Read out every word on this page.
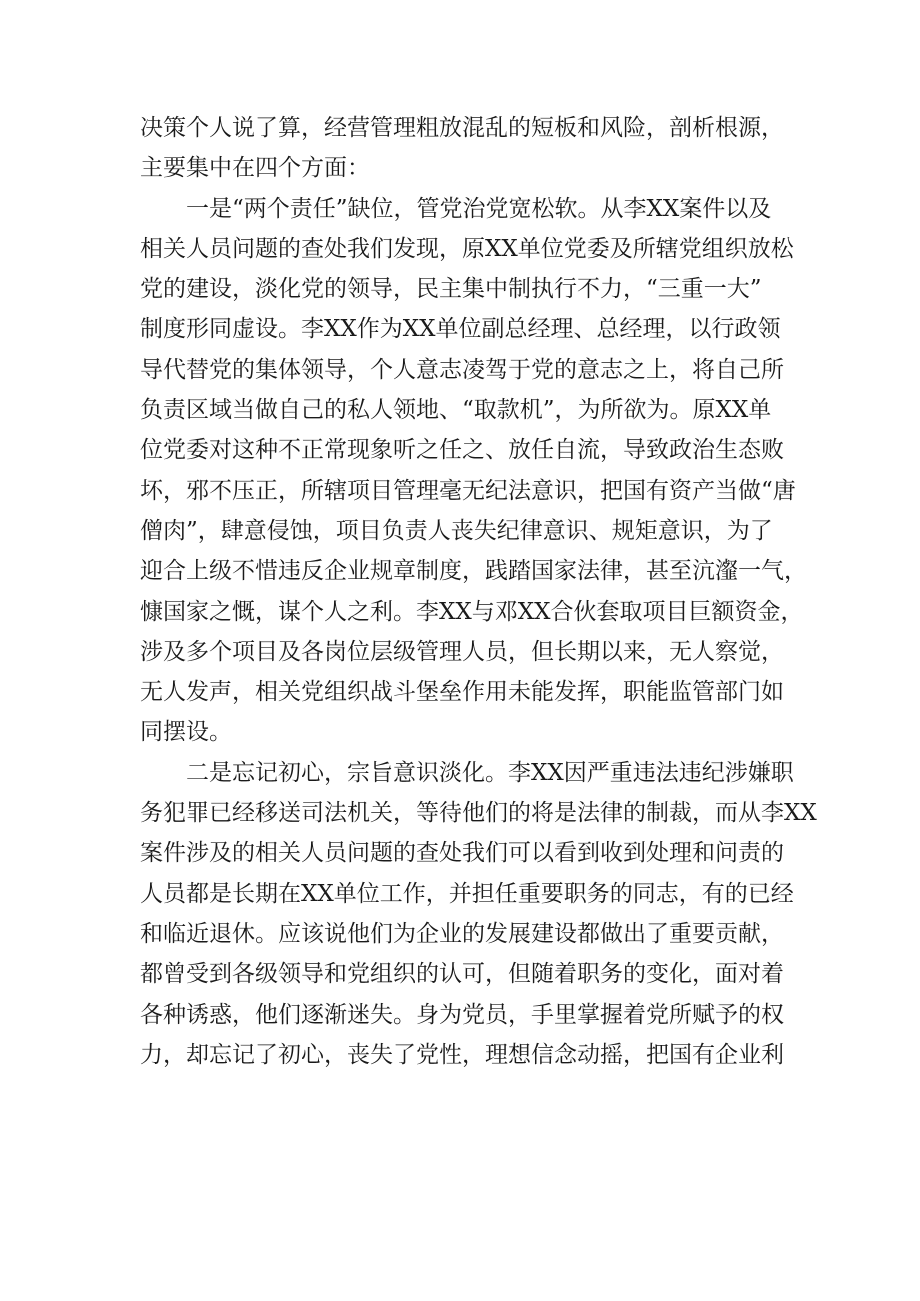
决策个人说了算，经营管理粗放混乱的短板和风险，剖析根源，
主要集中在四个方面：
一是“两个责任”缺位，管党治党宽松软。从李XX案件以及
相关人员问题的查处我们发现，原XX单位党委及所辖党组织放松
党的建设，淡化党的领导，民主集中制执行不力，“三重一大”
制度形同虚设。李XX作为XX单位副总经理、总经理，以行政领
导代替党的集体领导，个人意志凌驾于党的意志之上，将自己所
负责区域当做自己的私人领地、“取款机”，为所欲为。原XX单
位党委对这种不正常现象听之任之、放任自流，导致政治生态败
坏，邪不压正，所辖项目管理毫无纪法意识，把国有资产当做“唐
僧肉”，肆意侵蚀，项目负责人丧失纪律意识、规矩意识，为了
迎合上级不惜违反企业规章制度，践踏国家法律，甚至沆瀣一气，
慷国家之慨，谋个人之利。李XX与邓XX合伙套取项目巨额资金，
涉及多个项目及各岗位层级管理人员，但长期以来，无人察觉，
无人发声，相关党组织战斗堡垒作用未能发挥，职能监管部门如
同摆设。
二是忘记初心，宗旨意识淡化。李XX因严重违法违纪涉嫌职
务犯罪已经移送司法机关，等待他们的将是法律的制裁，而从李XX
案件涉及的相关人员问题的查处我们可以看到收到处理和问责的
人员都是长期在XX单位工作，并担任重要职务的同志，有的已经
和临近退休。应该说他们为企业的发展建设都做出了重要贡献，
都曾受到各级领导和党组织的认可，但随着职务的变化，面对着
各种诱惑，他们逐渐迷失。身为党员，手里掌握着党所赋予的权
力，却忘记了初心，丧失了党性，理想信念动摇，把国有企业利
